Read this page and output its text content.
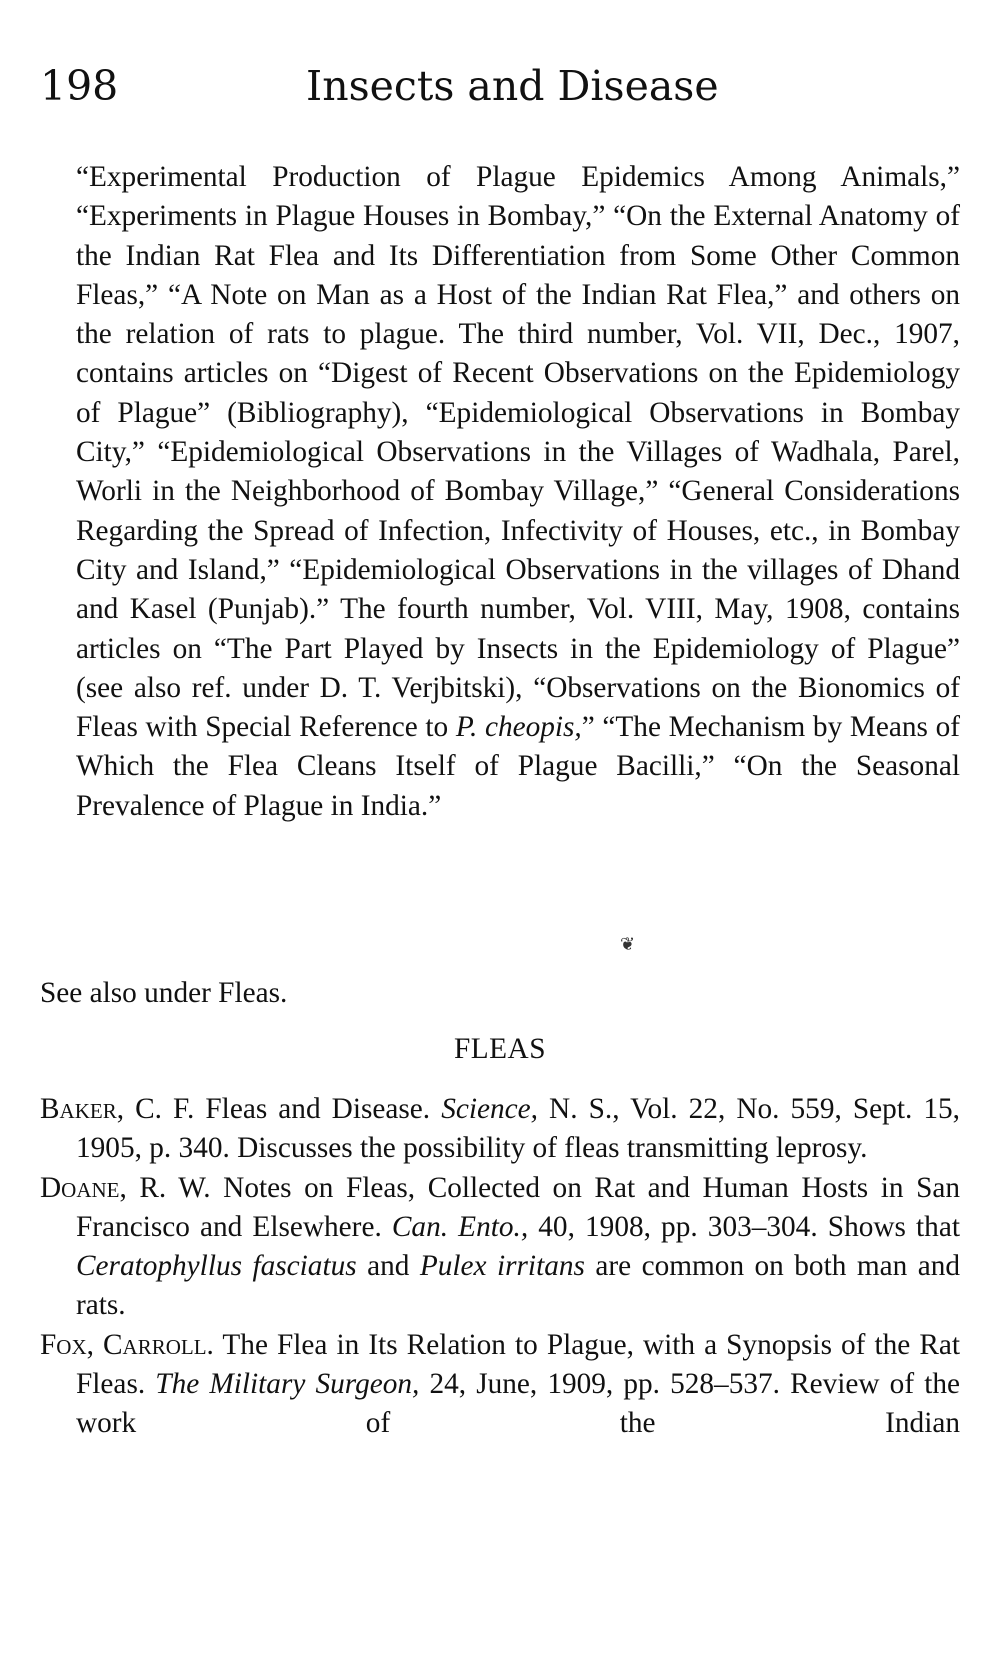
198	Insects and Disease

“Experimental Production of Plague Epidemics Among Animals,” “Experiments in Plague Houses in Bombay,” “On the External Anatomy of the Indian Rat Flea and Its Differentiation from Some Other Common Fleas,” “A Note on Man as a Host of the Indian Rat Flea,” and others on the relation of rats to plague. The third number, Vol. VII, Dec., 1907, contains articles on “Digest of Recent Observations on the Epidemiology of Plague” (Bibliography), “Epidemiological Observations in Bombay City,” “Epidemiological Observations in the Villages of Wadhala, Parel, Worli in the Neighborhood of Bombay Village,” “General Considerations Regarding the Spread of Infection, Infectivity of Houses, etc., in Bombay City and Island,” “Epidemiological Observations in the villages of Dhand and Kasel (Punjab).” The fourth number, Vol. VIII, May, 1908, contains articles on “The Part Played by Insects in the Epidemiology of Plague” (see also ref. under D. T. Verjbitski), “Observations on the Bionomics of Fleas with Special Reference to P. cheopis,” “The Mechanism by Means of Which the Flea Cleans Itself of Plague Bacilli,” “On the Seasonal Prevalence of Plague in India.”

❦
See also under Fleas.
FLEAS

Baker, C. F. Fleas and Disease. Science, N. S., Vol. 22, No. 559, Sept. 15, 1905, p. 340. Discusses the possibility of fleas transmitting leprosy.

Doane, R. W. Notes on Fleas, Collected on Rat and Human Hosts in San Francisco and Elsewhere. Can. Ento., 40, 1908, pp. 303–304. Shows that Ceratophyllus fasciatus and Pulex irritans are common on both man and rats.

Fox, Carroll. The Flea in Its Relation to Plague, with a Synopsis of the Rat Fleas. The Military Surgeon, 24, June, 1909, pp. 528–537. Review of the work of the Indian
